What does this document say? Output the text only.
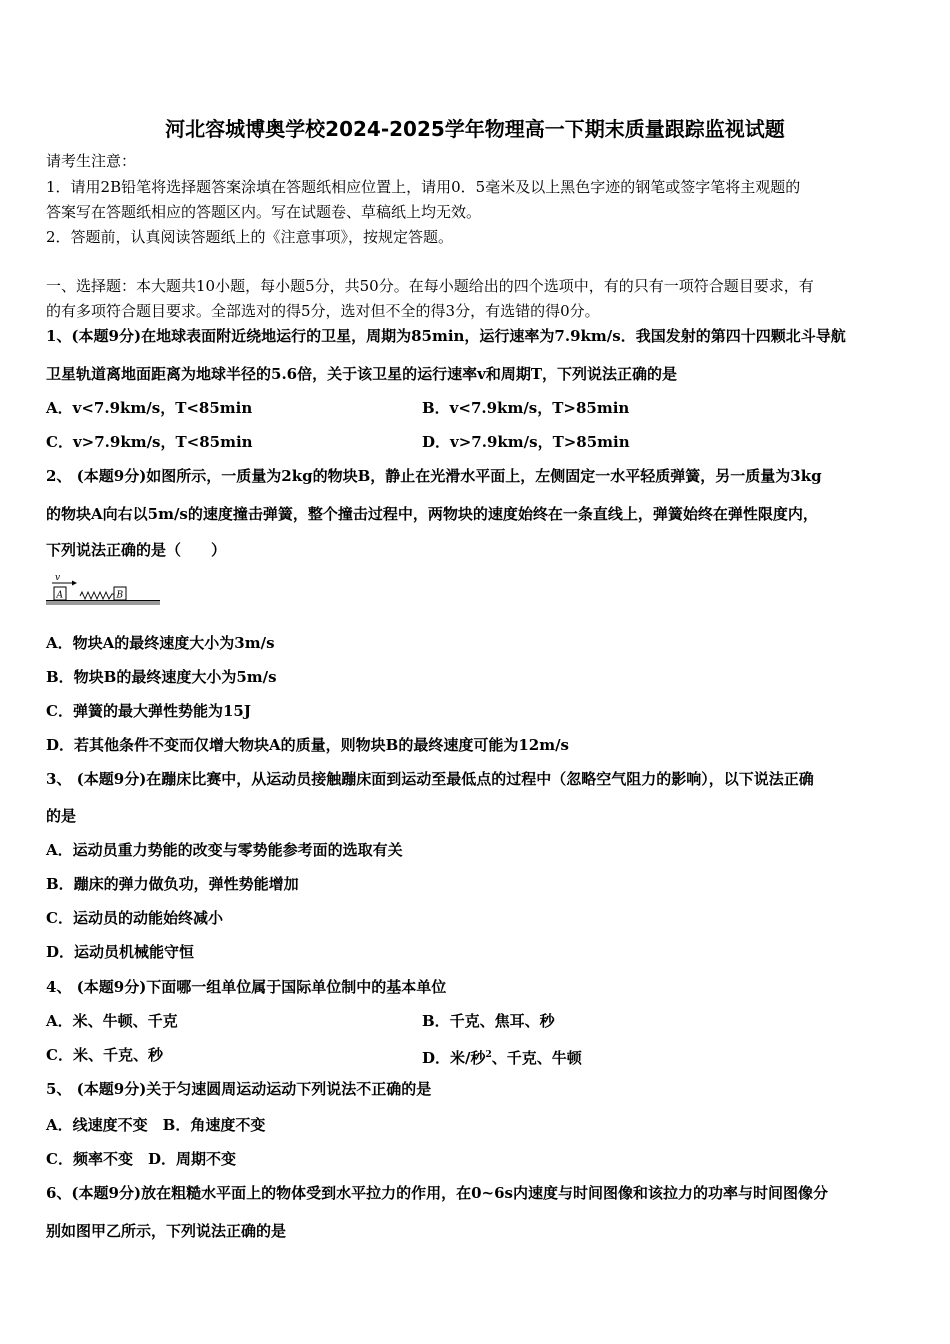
河北容城博奥学校2024-2025学年物理高一下期末质量跟踪监视试题
请考生注意：
1．请用2B铅笔将选择题答案涂填在答题纸相应位置上，请用0．5毫米及以上黑色字迹的钢笔或签字笔将主观题的
答案写在答题纸相应的答题区内。写在试题卷、草稿纸上均无效。
2．答题前，认真阅读答题纸上的《注意事项》，按规定答题。
一、选择题：本大题共10小题，每小题5分，共50分。在每小题给出的四个选项中，有的只有一项符合题目要求，有
的有多项符合题目要求。全部选对的得5分，选对但不全的得3分，有选错的得0分。
1、(本题9分)在地球表面附近绕地运行的卫星，周期为85min，运行速率为7.9km/s．我国发射的第四十四颗北斗导航
卫星轨道离地面距离为地球半径的5.6倍，关于该卫星的运行速率v和周期T，下列说法正确的是
A．v<7.9km/s，T<85min	B．v<7.9km/s，T>85min
C．v>7.9km/s，T<85min	D．v>7.9km/s，T>85min
2、 (本题9分)如图所示，一质量为2kg的物块B，静止在光滑水平面上，左侧固定一水平轻质弹簧，另一质量为3kg
的物块A向右以5m/s的速度撞击弹簧，整个撞击过程中，两物块的速度始终在一条直线上，弹簧始终在弹性限度内，
下列说法正确的是（　　）
v
A	B
A．物块A的最终速度大小为3m/s
B．物块B的最终速度大小为5m/s
C．弹簧的最大弹性势能为15J
D．若其他条件不变而仅增大物块A的质量，则物块B的最终速度可能为12m/s
3、 (本题9分)在蹦床比赛中，从运动员接触蹦床面到运动至最低点的过程中（忽略空气阻力的影响），以下说法正确
的是
A．运动员重力势能的改变与零势能参考面的选取有关
B．蹦床的弹力做负功，弹性势能增加
C．运动员的动能始终减小
D．运动员机械能守恒
4、 (本题9分)下面哪一组单位属于国际单位制中的基本单位
A．米、牛顿、千克	B．千克、焦耳、秒
C．米、千克、秒	D．米/秒$^2$、千克、牛顿
5、 (本题9分)关于匀速圆周运动运动下列说法不正确的是
A．线速度不变　B．角速度不变
C．频率不变　D．周期不变
6、(本题9分)放在粗糙水平面上的物体受到水平拉力的作用，在0~6s内速度与时间图像和该拉力的功率与时间图像分
别如图甲乙所示，下列说法正确的是
